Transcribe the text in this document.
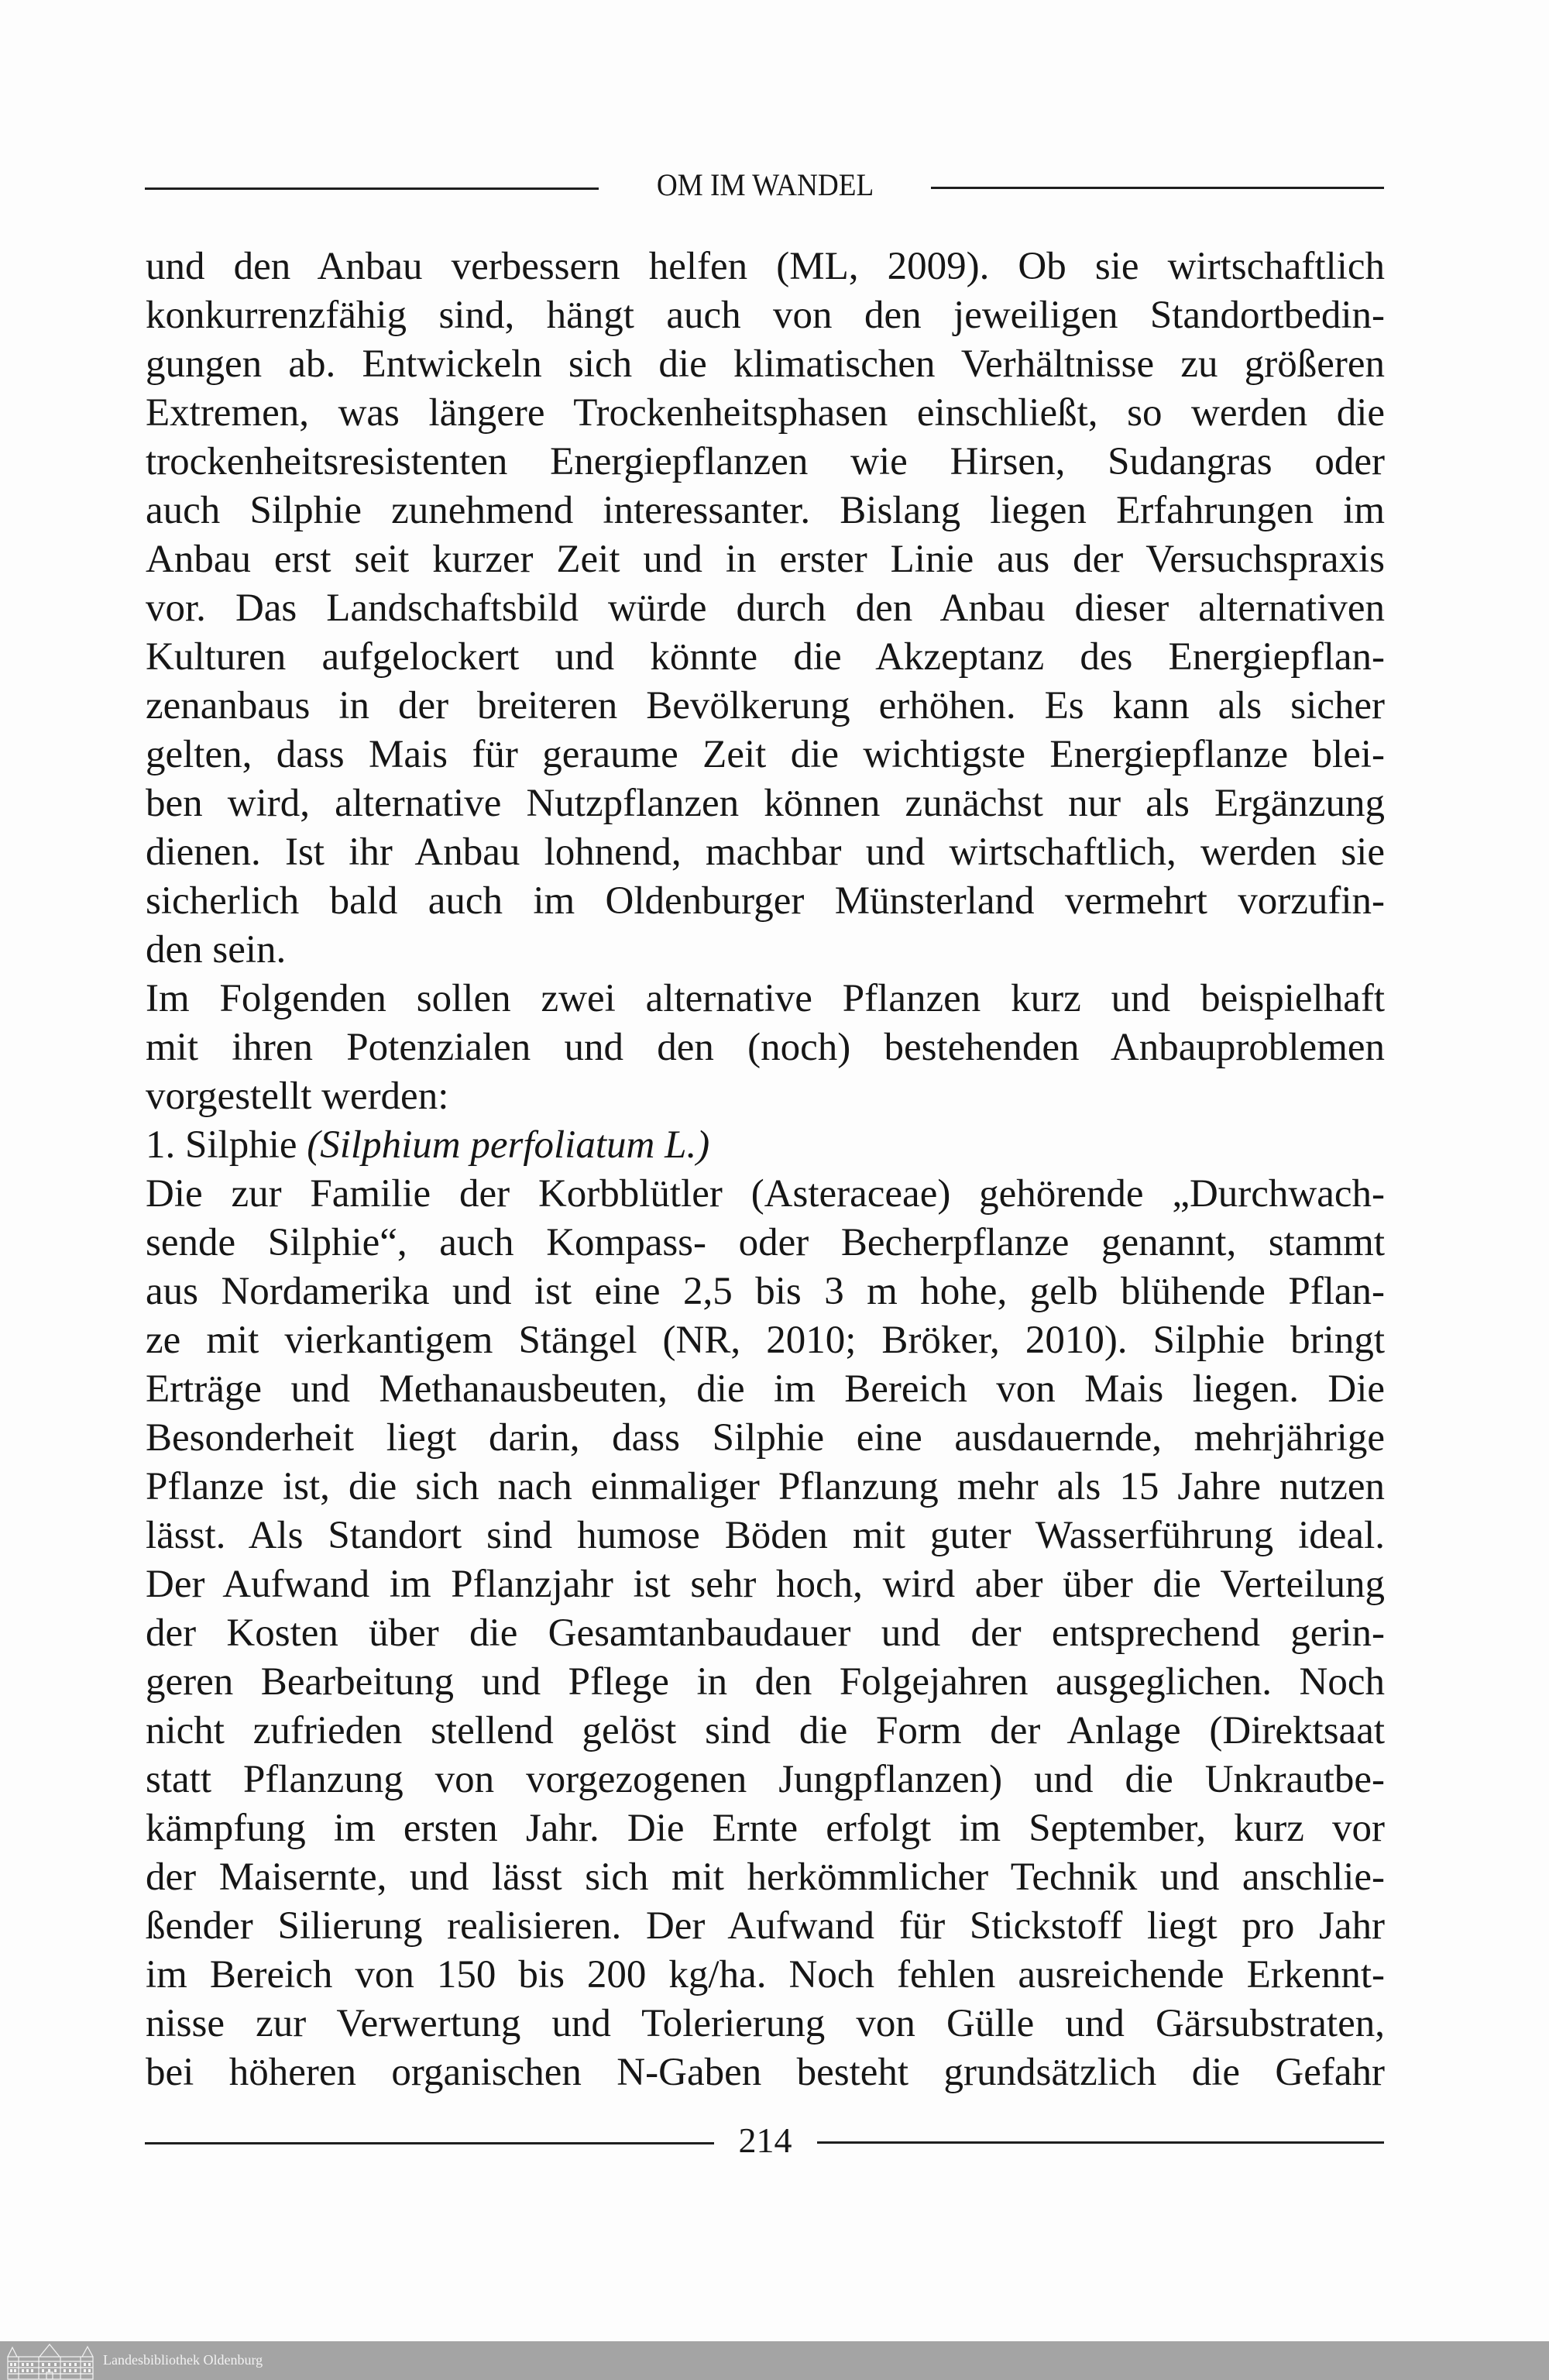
OM IM WANDEL
und den Anbau verbessern helfen (ML, 2009). Ob sie wirtschaftlich
konkurrenzfähig sind, hängt auch von den jeweiligen Standortbedin-
gungen ab. Entwickeln sich die klimatischen Verhältnisse zu größeren
Extremen, was längere Trockenheitsphasen einschließt, so werden die
trockenheitsresistenten Energiepflanzen wie Hirsen, Sudangras oder
auch Silphie zunehmend interessanter. Bislang liegen Erfahrungen im
Anbau erst seit kurzer Zeit und in erster Linie aus der Versuchspraxis
vor. Das Landschaftsbild würde durch den Anbau dieser alternativen
Kulturen aufgelockert und könnte die Akzeptanz des Energiepflan-
zenanbaus in der breiteren Bevölkerung erhöhen. Es kann als sicher
gelten, dass Mais für geraume Zeit die wichtigste Energiepflanze blei-
ben wird, alternative Nutzpflanzen können zunächst nur als Ergänzung
dienen. Ist ihr Anbau lohnend, machbar und wirtschaftlich, werden sie
sicherlich bald auch im Oldenburger Münsterland vermehrt vorzufin-
den sein.
Im Folgenden sollen zwei alternative Pflanzen kurz und beispielhaft
mit ihren Potenzialen und den (noch) bestehenden Anbauproblemen
vorgestellt werden:
1. Silphie (Silphium perfoliatum L.)
Die zur Familie der Korbblütler (Asteraceae) gehörende „Durchwach-
sende Silphie“, auch Kompass- oder Becherpflanze genannt, stammt
aus Nordamerika und ist eine 2,5 bis 3 m hohe, gelb blühende Pflan-
ze mit vierkantigem Stängel (NR, 2010; Bröker, 2010). Silphie bringt
Erträge und Methanausbeuten, die im Bereich von Mais liegen. Die
Besonderheit liegt darin, dass Silphie eine ausdauernde, mehrjährige
Pflanze ist, die sich nach einmaliger Pflanzung mehr als 15 Jahre nutzen
lässt. Als Standort sind humose Böden mit guter Wasserführung ideal.
Der Aufwand im Pflanzjahr ist sehr hoch, wird aber über die Verteilung
der Kosten über die Gesamtanbaudauer und der entsprechend gerin-
geren Bearbeitung und Pflege in den Folgejahren ausgeglichen. Noch
nicht zufrieden stellend gelöst sind die Form der Anlage (Direktsaat
statt Pflanzung von vorgezogenen Jungpflanzen) und die Unkrautbe-
kämpfung im ersten Jahr. Die Ernte erfolgt im September, kurz vor
der Maisernte, und lässt sich mit herkömmlicher Technik und anschlie-
ßender Silierung realisieren. Der Aufwand für Stickstoff liegt pro Jahr
im Bereich von 150 bis 200 kg/ha. Noch fehlen ausreichende Erkennt-
nisse zur Verwertung und Tolerierung von Gülle und Gärsubstraten,
bei höheren organischen N-Gaben besteht grundsätzlich die Gefahr
214
Landesbibliothek Oldenburg
